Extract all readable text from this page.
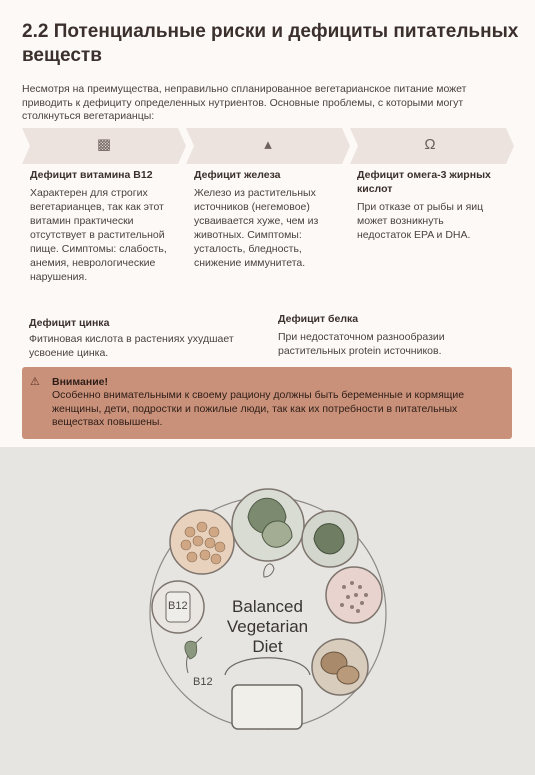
2.2 Потенциальные риски и дефициты питательных веществ
Несмотря на преимущества, неправильно спланированное вегетарианское питание может приводить к дефициту определенных нутриентов. Основные проблемы, с которыми могут столкнуться вегетарианцы:
▩	▴	Ω
Дефицит витамина B12
Характерен для строгих вегетарианцев, так как этот витамин практически отсутствует в растительной пище. Симптомы: слабость, анемия, неврологические нарушения.
Дефицит железа
Железо из растительных источников (негемовое) усваивается хуже, чем из животных. Симптомы: усталость, бледность, снижение иммунитета.
Дефицит омега-3 жирных кислот
При отказе от рыбы и яиц может возникнуть недостаток EPA и DHA.
Дефицит цинка
Фитиновая кислота в растениях ухудшает усвоение цинка.
Дефицит белка
При недостаточном разнообразии растительных protein источников.
⚠ Внимание!
Особенно внимательными к своему рациону должны быть беременные и кормящие женщины, дети, подростки и пожилые люди, так как их потребности в питательных веществах повышены.
Balanced
Vegetarian
Diet
B12
B12
